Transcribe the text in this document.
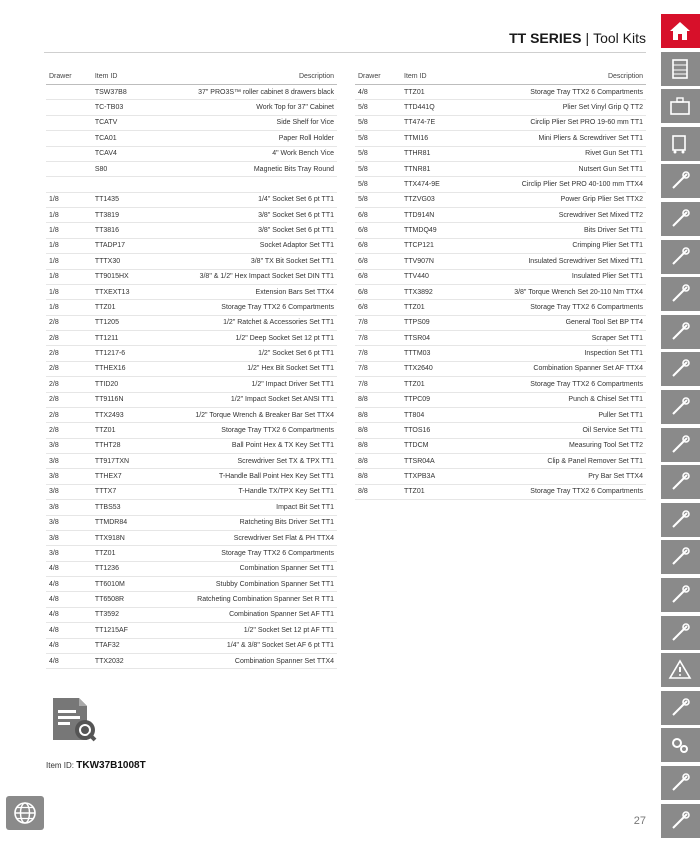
TT SERIES | Tool Kits
Drawer	Item ID	Description
	TSW37B8	37" PRO3S™ roller cabinet 8 drawers black
	TC-TB03	Work Top for 37" Cabinet
	TCATV	Side Shelf for Vice
	TCA01	Paper Roll Holder
	TCAV4	4" Work Bench Vice
	S80	Magnetic Bits Tray Round

1/8	TT1435	1/4" Socket Set 6 pt TT1
1/8	TT3819	3/8" Socket Set 6 pt TT1
1/8	TT3816	3/8" Socket Set 6 pt TT1
1/8	TTADP17	Socket Adaptor Set TT1
1/8	TTTX30	3/8" TX Bit Socket Set TT1
1/8	TT9015HX	3/8" & 1/2" Hex Impact Socket Set DIN TT1
1/8	TTXEXT13	Extension Bars Set TTX4
1/8	TTZ01	Storage Tray TTX2 6 Compartments
2/8	TT1205	1/2" Ratchet & Accessories Set TT1
2/8	TT1211	1/2" Deep Socket Set 12 pt TT1
2/8	TT1217-6	1/2" Socket Set 6 pt TT1
2/8	TTHEX16	1/2" Hex Bit Socket Set TT1
2/8	TTID20	1/2" Impact Driver Set TT1
2/8	TT9116N	1/2" Impact Socket Set ANSI TT1
2/8	TTX2493	1/2" Torque Wrench & Breaker Bar Set TTX4
2/8	TTZ01	Storage Tray TTX2 6 Compartments
3/8	TTHT28	Ball Point Hex & TX Key Set TT1
3/8	TT917TXN	Screwdriver Set TX & TPX TT1
3/8	TTHEX7	T-Handle Ball Point Hex Key Set TT1
3/8	TTTX7	T-Handle TX/TPX Key Set TT1
3/8	TTBS53	Impact Bit Set TT1
3/8	TTMDR84	Ratcheting Bits Driver Set TT1
3/8	TTX918N	Screwdriver Set Flat & PH TTX4
3/8	TTZ01	Storage Tray TTX2 6 Compartments
4/8	TT1236	Combination Spanner Set TT1
4/8	TT6010M	Stubby Combination Spanner Set TT1
4/8	TT6508R	Ratcheting Combination Spanner Set R TT1
4/8	TT3592	Combination Spanner Set AF TT1
4/8	TT1215AF	1/2" Socket Set 12 pt AF TT1
4/8	TTAF32	1/4" & 3/8" Socket Set AF 6 pt TT1
4/8	TTX2032	Combination Spanner Set TTX4
Drawer	Item ID	Description
4/8	TTZ01	Storage Tray TTX2 6 Compartments
5/8	TTD441Q	Plier Set Vinyl Grip Q TT2
5/8	TT474-7E	Circlip Plier Set PRO 19-60 mm TT1
5/8	TTMI16	Mini Pliers & Screwdriver Set TT1
5/8	TTHR81	Rivet Gun Set TT1
5/8	TTNR81	Nutsert Gun Set TT1
5/8	TTX474-9E	Circlip Plier Set PRO 40-100 mm TTX4
5/8	TTZVG03	Power Grip Plier Set TTX2
6/8	TTD914N	Screwdriver Set Mixed TT2
6/8	TTMDQ49	Bits Driver Set TT1
6/8	TTCP121	Crimping Plier Set TT1
6/8	TTV907N	Insulated Screwdriver Set Mixed TT1
6/8	TTV440	Insulated Plier Set TT1
6/8	TTX3892	3/8" Torque Wrench Set 20-110 Nm TTX4
6/8	TTZ01	Storage Tray TTX2 6 Compartments
7/8	TTPS09	General Tool Set BP TT4
7/8	TTSR04	Scraper Set TT1
7/8	TTTM03	Inspection Set TT1
7/8	TTX2640	Combination Spanner Set AF TTX4
7/8	TTZ01	Storage Tray TTX2 6 Compartments
8/8	TTPC09	Punch & Chisel Set TT1
8/8	TT804	Puller Set TT1
8/8	TTOS16	Oil Service Set TT1
8/8	TTDCM	Measuring Tool Set TT2
8/8	TTSR04A	Clip & Panel Remover Set TT1
8/8	TTXPB3A	Pry Bar Set TTX4
8/8	TTZ01	Storage Tray TTX2 6 Compartments
Item ID: TKW37B1008T
27
